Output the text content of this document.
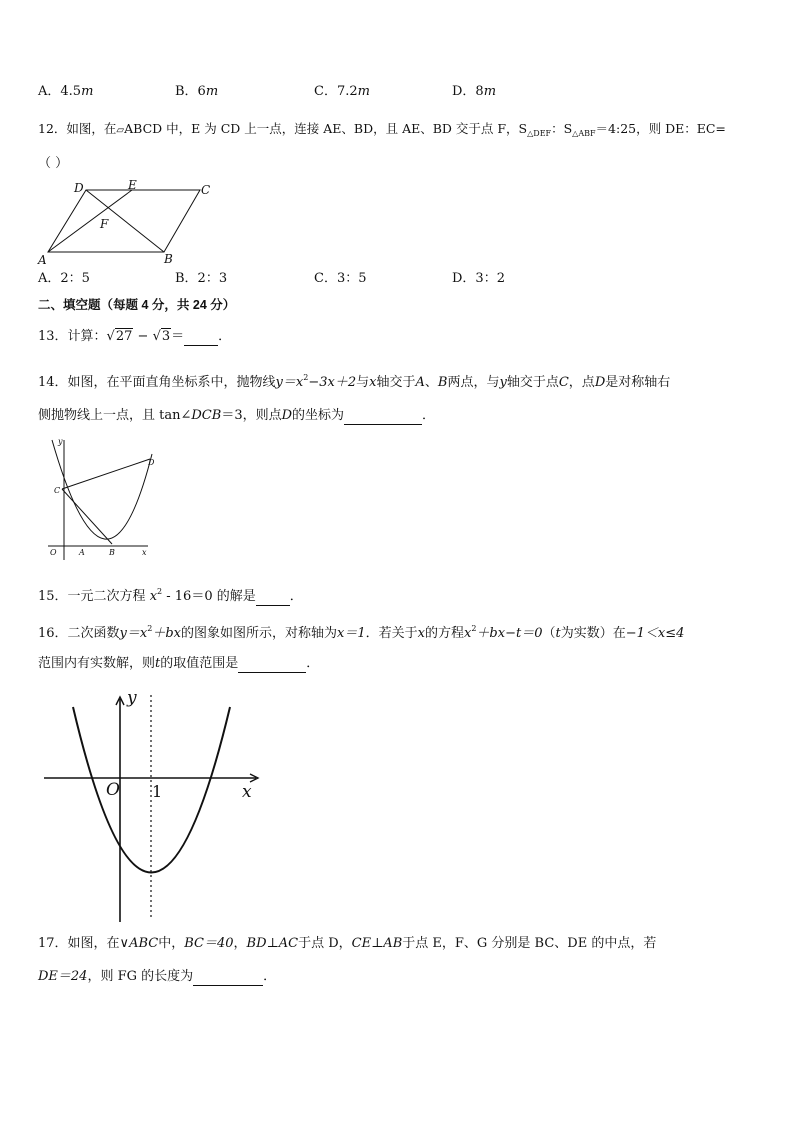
A．4.5m	B．6m	C．7.2m	D．8m
12．如图，在▱ABCD 中，E 为 CD 上一点，连接 AE、BD，且 AE、BD 交于点 F，$S_{\triangle DEF}$：$S_{\triangle ABF}=4:25$，则 DE：EC=
（ ）
D	E	C
F
A	B
A．2：5	B．2：3	C．3：5	D．3：2
二、填空题（每题 4 分，共 24 分）
13．计算：√27 − √3＝	．
14．如图，在平面直角坐标系中，抛物线$y=x^2-3x+2$与x轴交于A、B两点，与y轴交于点C，点D是对称轴右
侧抛物线上一点，且 tan∠DCB＝3，则点D的坐标为	．
y
C
D
O	A	B	x
15．一元二次方程 $x^2 - 16=0$ 的解是	．
16．二次函数$y=x^2+bx$的图象如图所示，对称轴为x＝1．若关于x的方程$x^2+bx-t=0(t$为实数）在−1＜x≤4
范围内有实数解，则t的取值范围是	．
y
O	x
1
17．如图，在∨ABC中，BC＝40，BD⊥AC于点 D，CE⊥AB于点 E，F、G 分别是 BC、DE 的中点，若
DE＝24，则 FG 的长度为	．
